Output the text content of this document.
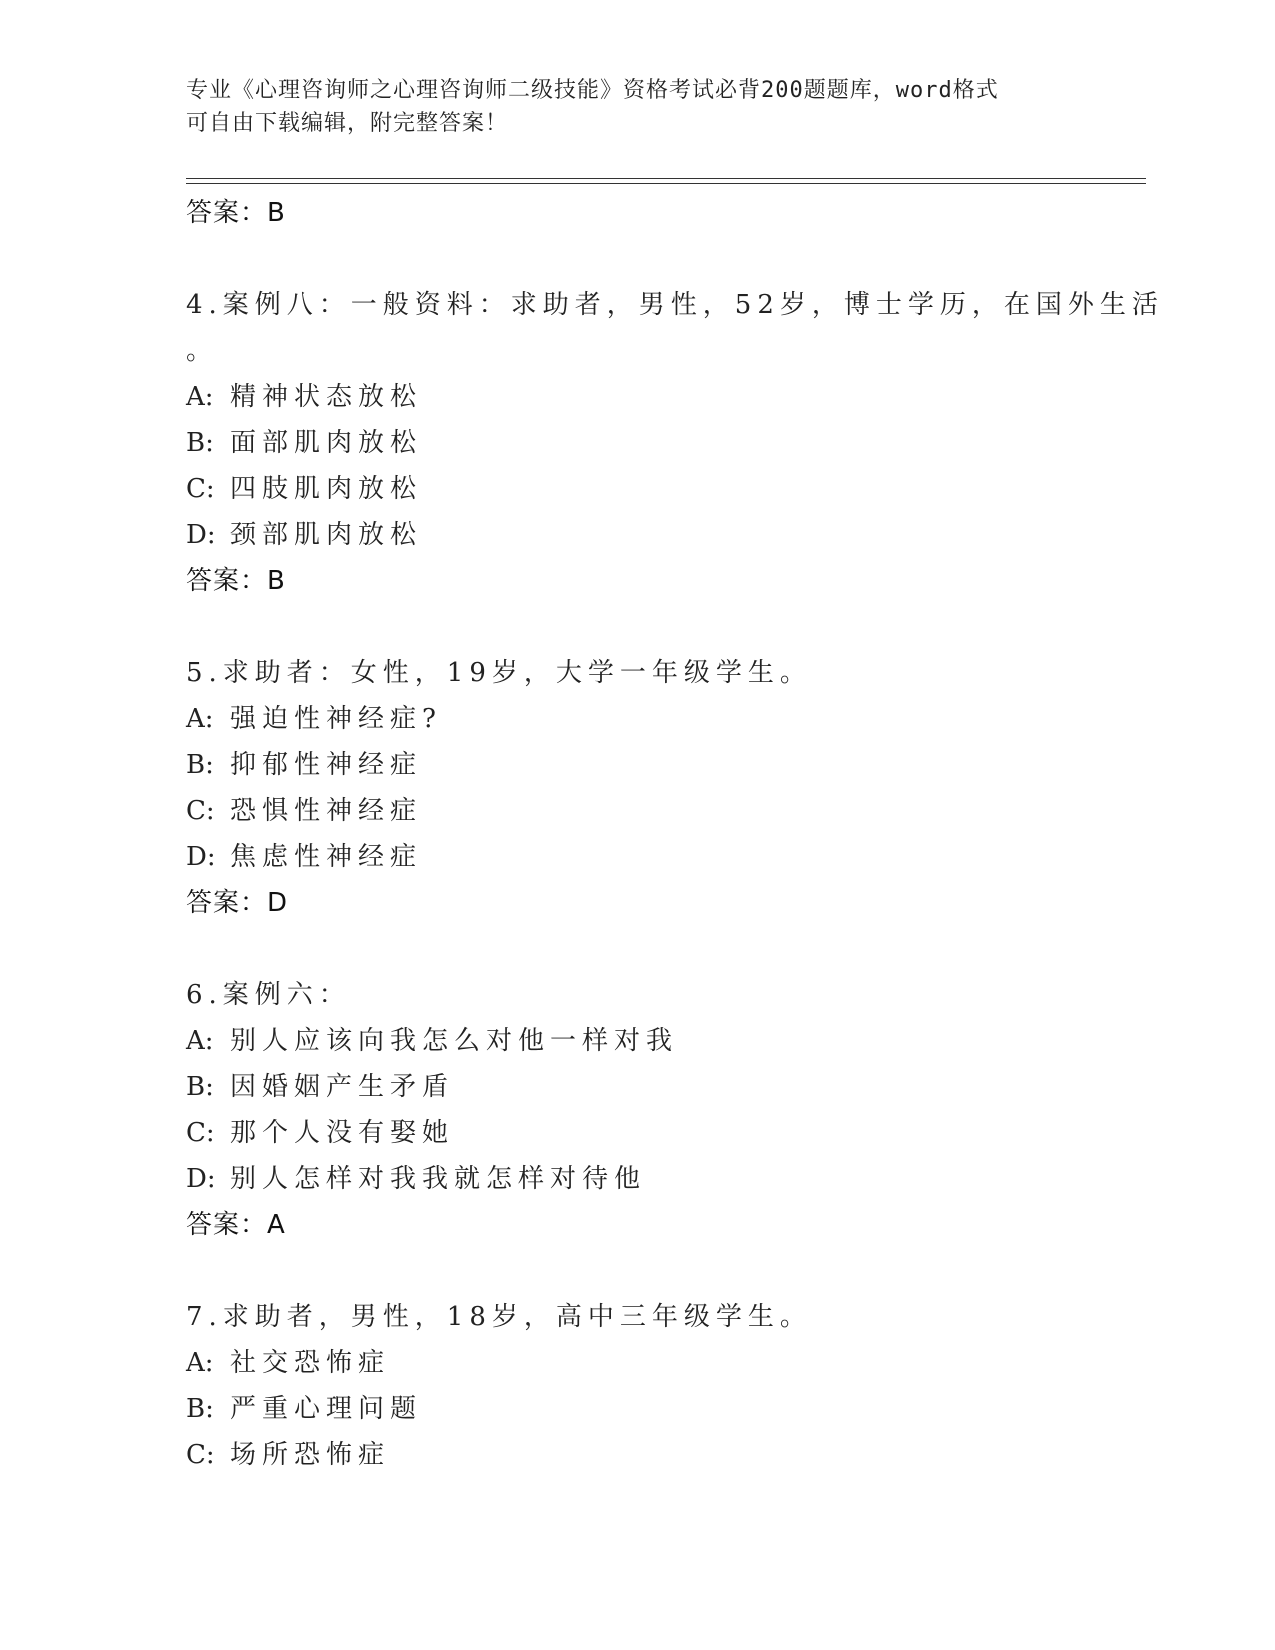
专业《心理咨询师之心理咨询师二级技能》资格考试必背200题题库，word格式
可自由下载编辑，附完整答案！
答案：B
4.案例八：一般资料：求助者，男性，52岁，博士学历，在国外生活
。
A: 精神状态放松
B: 面部肌肉放松
C: 四肢肌肉放松
D: 颈部肌肉放松
答案：B
5.求助者：女性，19岁，大学一年级学生。
A: 强迫性神经症?
B: 抑郁性神经症
C: 恐惧性神经症
D: 焦虑性神经症
答案：D
6.案例六：
A: 别人应该向我怎么对他一样对我
B: 因婚姻产生矛盾
C: 那个人没有娶她
D: 别人怎样对我我就怎样对待他
答案：A
7.求助者，男性，18岁，高中三年级学生。
A: 社交恐怖症
B: 严重心理问题
C: 场所恐怖症
